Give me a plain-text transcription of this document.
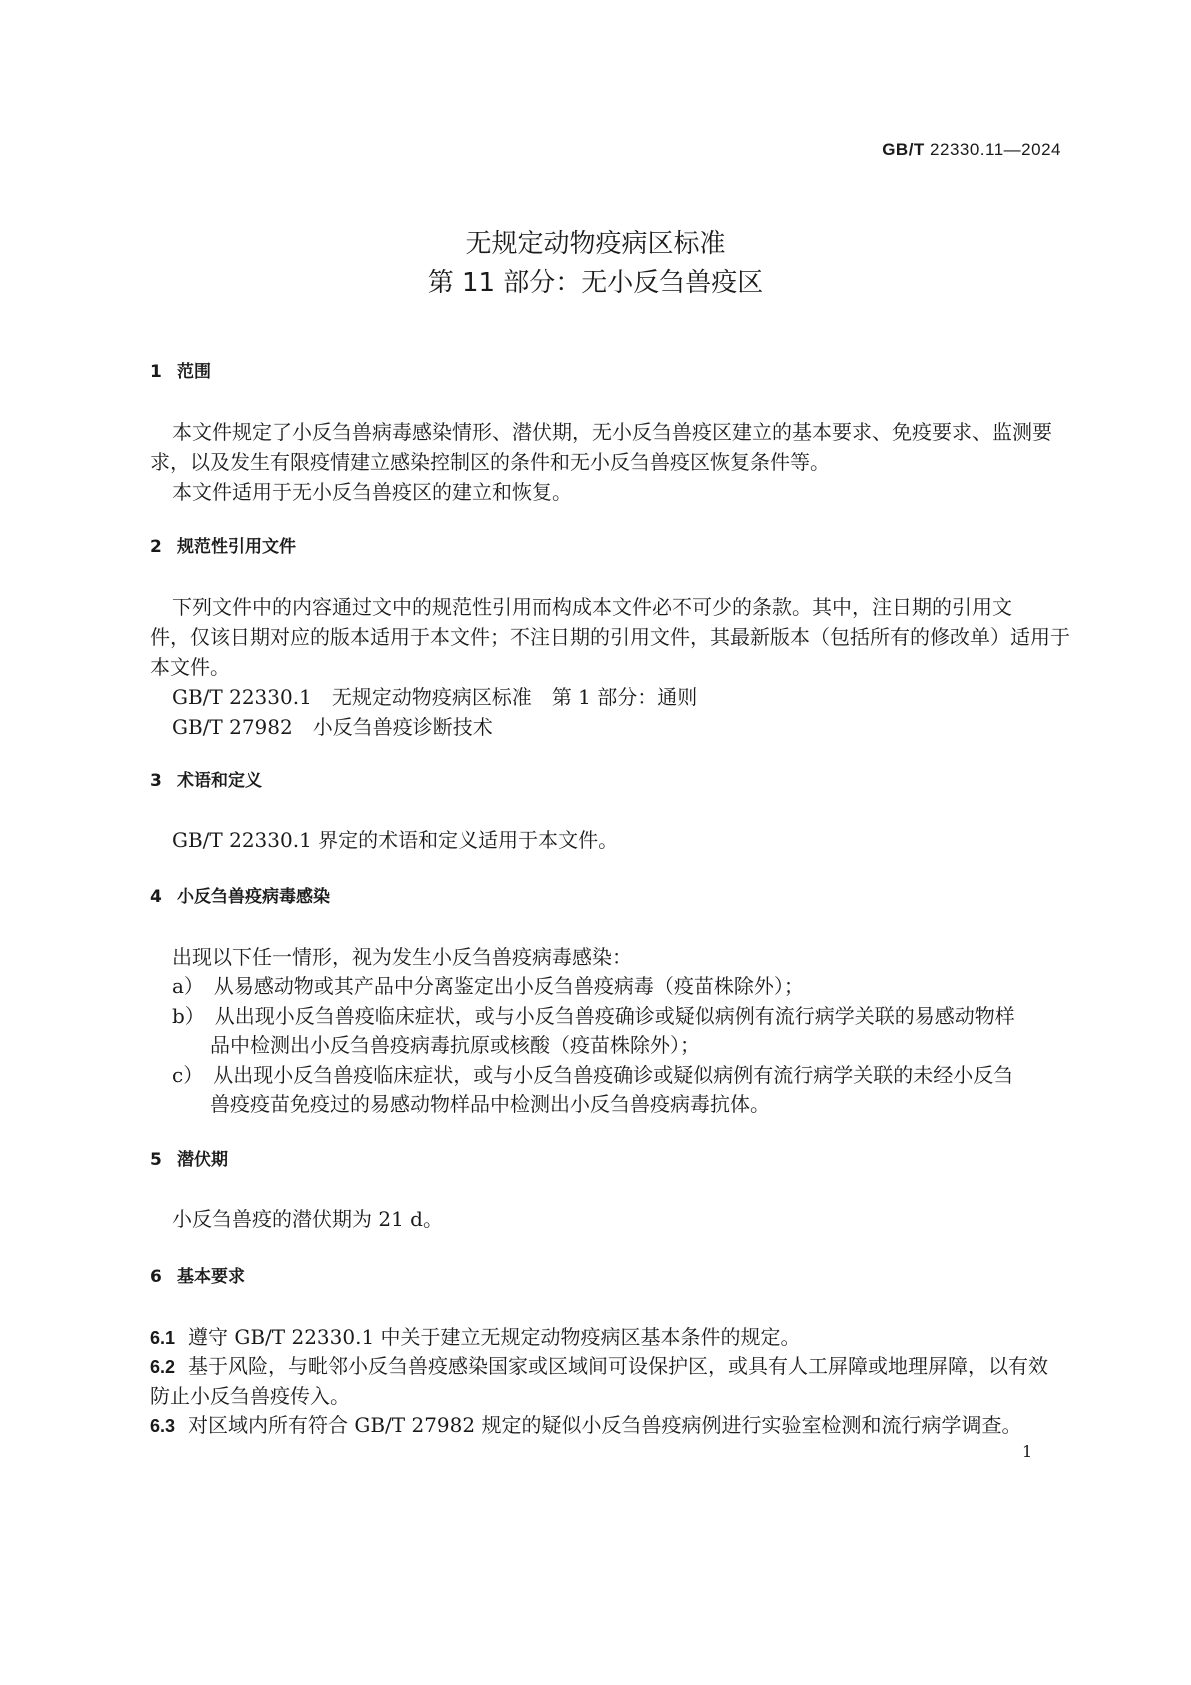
GB/T 22330.11—2024
无规定动物疫病区标准
第 11 部分：无小反刍兽疫区
1 范围
本文件规定了小反刍兽病毒感染情形、潜伏期，无小反刍兽疫区建立的基本要求、免疫要求、监测要
求，以及发生有限疫情建立感染控制区的条件和无小反刍兽疫区恢复条件等。
本文件适用于无小反刍兽疫区的建立和恢复。
2 规范性引用文件
下列文件中的内容通过文中的规范性引用而构成本文件必不可少的条款。其中，注日期的引用文
件，仅该日期对应的版本适用于本文件；不注日期的引用文件，其最新版本（包括所有的修改单）适用于
本文件。
GB/T 22330.1　无规定动物疫病区标准　第 1 部分：通则
GB/T 27982　小反刍兽疫诊断技术
3 术语和定义
GB/T 22330.1 界定的术语和定义适用于本文件。
4 小反刍兽疫病毒感染
出现以下任一情形，视为发生小反刍兽疫病毒感染：
a）　从易感动物或其产品中分离鉴定出小反刍兽疫病毒（疫苗株除外）；
b）　从出现小反刍兽疫临床症状，或与小反刍兽疫确诊或疑似病例有流行病学关联的易感动物样
品中检测出小反刍兽疫病毒抗原或核酸（疫苗株除外）；
c）　从出现小反刍兽疫临床症状，或与小反刍兽疫确诊或疑似病例有流行病学关联的未经小反刍
兽疫疫苗免疫过的易感动物样品中检测出小反刍兽疫病毒抗体。
5 潜伏期
小反刍兽疫的潜伏期为 21 d。
6 基本要求
6.1 遵守 GB/T 22330.1 中关于建立无规定动物疫病区基本条件的规定。
6.2 基于风险，与毗邻小反刍兽疫感染国家或区域间可设保护区，或具有人工屏障或地理屏障，以有效
防止小反刍兽疫传入。
6.3 对区域内所有符合 GB/T 27982 规定的疑似小反刍兽疫病例进行实验室检测和流行病学调查。
1
